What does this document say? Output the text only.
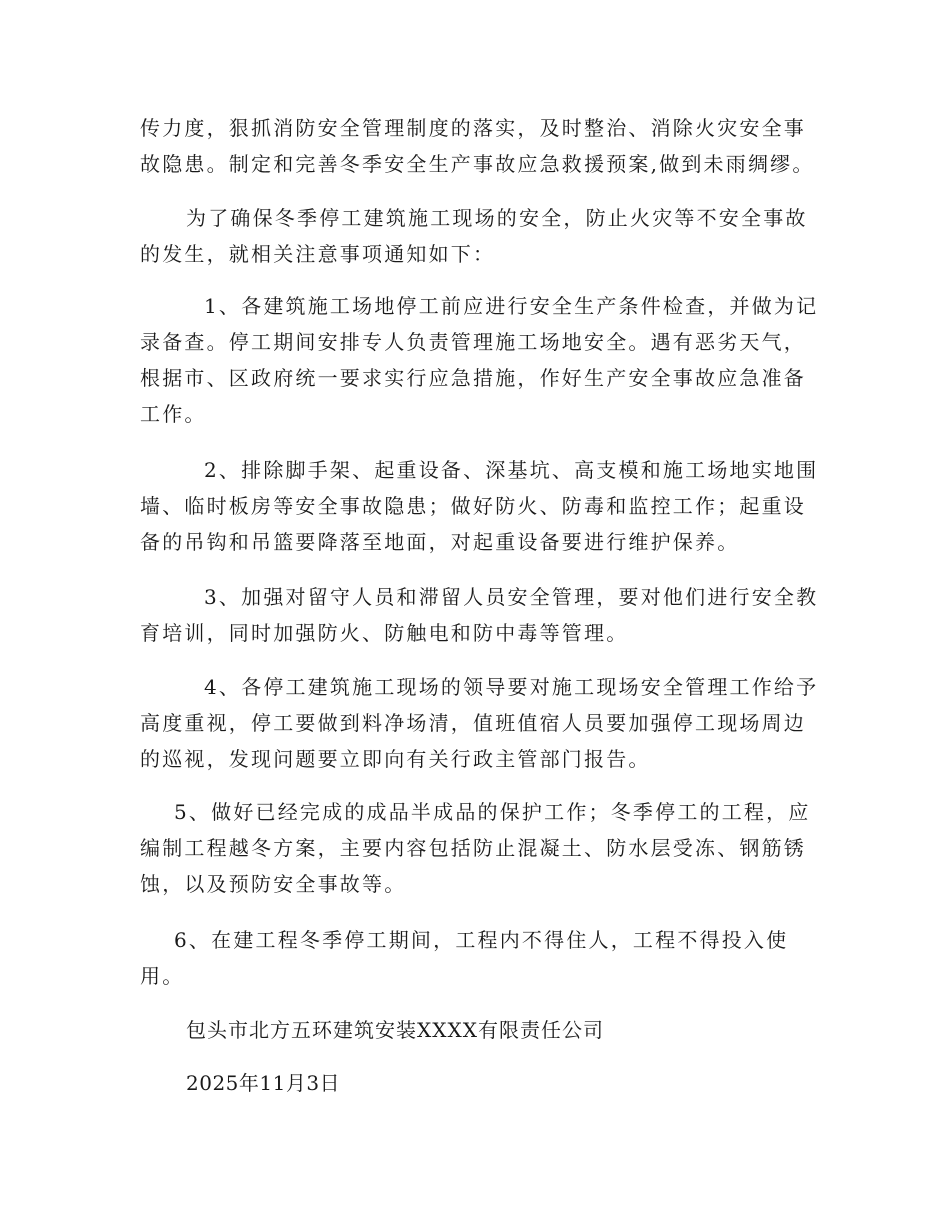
传力度，狠抓消防安全管理制度的落实，及时整治、消除火灾安全事
故隐患。制定和完善冬季安全生产事故应急救援预案,做到未雨绸缪。

为了确保冬季停工建筑施工现场的安全，防止火灾等不安全事故
的发生，就相关注意事项通知如下：

1、各建筑施工场地停工前应进行安全生产条件检查，并做为记
录备查。停工期间安排专人负责管理施工场地安全。遇有恶劣天气，
根据市、区政府统一要求实行应急措施，作好生产安全事故应急准备
工作。

2、排除脚手架、起重设备、深基坑、高支模和施工场地实地围
墙、临时板房等安全事故隐患；做好防火、防毒和监控工作；起重设
备的吊钩和吊篮要降落至地面，对起重设备要进行维护保养。

3、加强对留守人员和滞留人员安全管理，要对他们进行安全教
育培训，同时加强防火、防触电和防中毒等管理。

4、各停工建筑施工现场的领导要对施工现场安全管理工作给予
高度重视，停工要做到料净场清，值班值宿人员要加强停工现场周边
的巡视，发现问题要立即向有关行政主管部门报告。

5、做好已经完成的成品半成品的保护工作；冬季停工的工程，应
编制工程越冬方案，主要内容包括防止混凝土、防水层受冻、钢筋锈
蚀，以及预防安全事故等。

6、在建工程冬季停工期间，工程内不得住人，工程不得投入使
用。

包头市北方五环建筑安装XXXX有限责任公司

2025年11月3日
